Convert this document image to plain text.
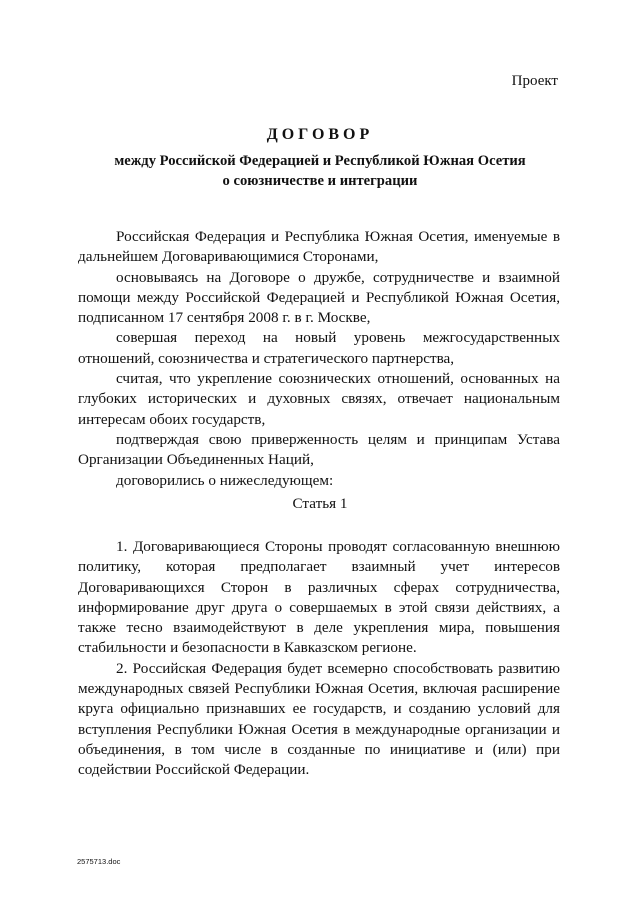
Проект
ДОГОВОР
между Российской Федерацией и Республикой Южная Осетия
о союзничестве и интеграции

Российская Федерация и Республика Южная Осетия, именуемые в дальнейшем Договаривающимися Сторонами,

основываясь на Договоре о дружбе, сотрудничестве и взаимной помощи между Российской Федерацией и Республикой Южная Осетия, подписанном 17 сентября 2008 г. в г. Москве,

совершая переход на новый уровень межгосударственных отношений, союзничества и стратегического партнерства,

считая, что укрепление союзнических отношений, основанных на глубоких исторических и духовных связях, отвечает национальным интересам обоих государств,

подтверждая свою приверженность целям и принципам Устава Организации Объединенных Наций,

договорились о нижеследующем:

Статья 1

1. Договаривающиеся Стороны проводят согласованную внешнюю политику, которая предполагает взаимный учет интересов Договаривающихся Сторон в различных сферах сотрудничества, информирование друг друга о совершаемых в этой связи действиях, а также тесно взаимодействуют в деле укрепления мира, повышения стабильности и безопасности в Кавказском регионе.

2. Российская Федерация будет всемерно способствовать развитию международных связей Республики Южная Осетия, включая расширение круга официально признавших ее государств, и созданию условий для вступления Республики Южная Осетия в международные организации и объединения, в том числе в созданные по инициативе и (или) при содействии Российской Федерации.

2575713.doc
